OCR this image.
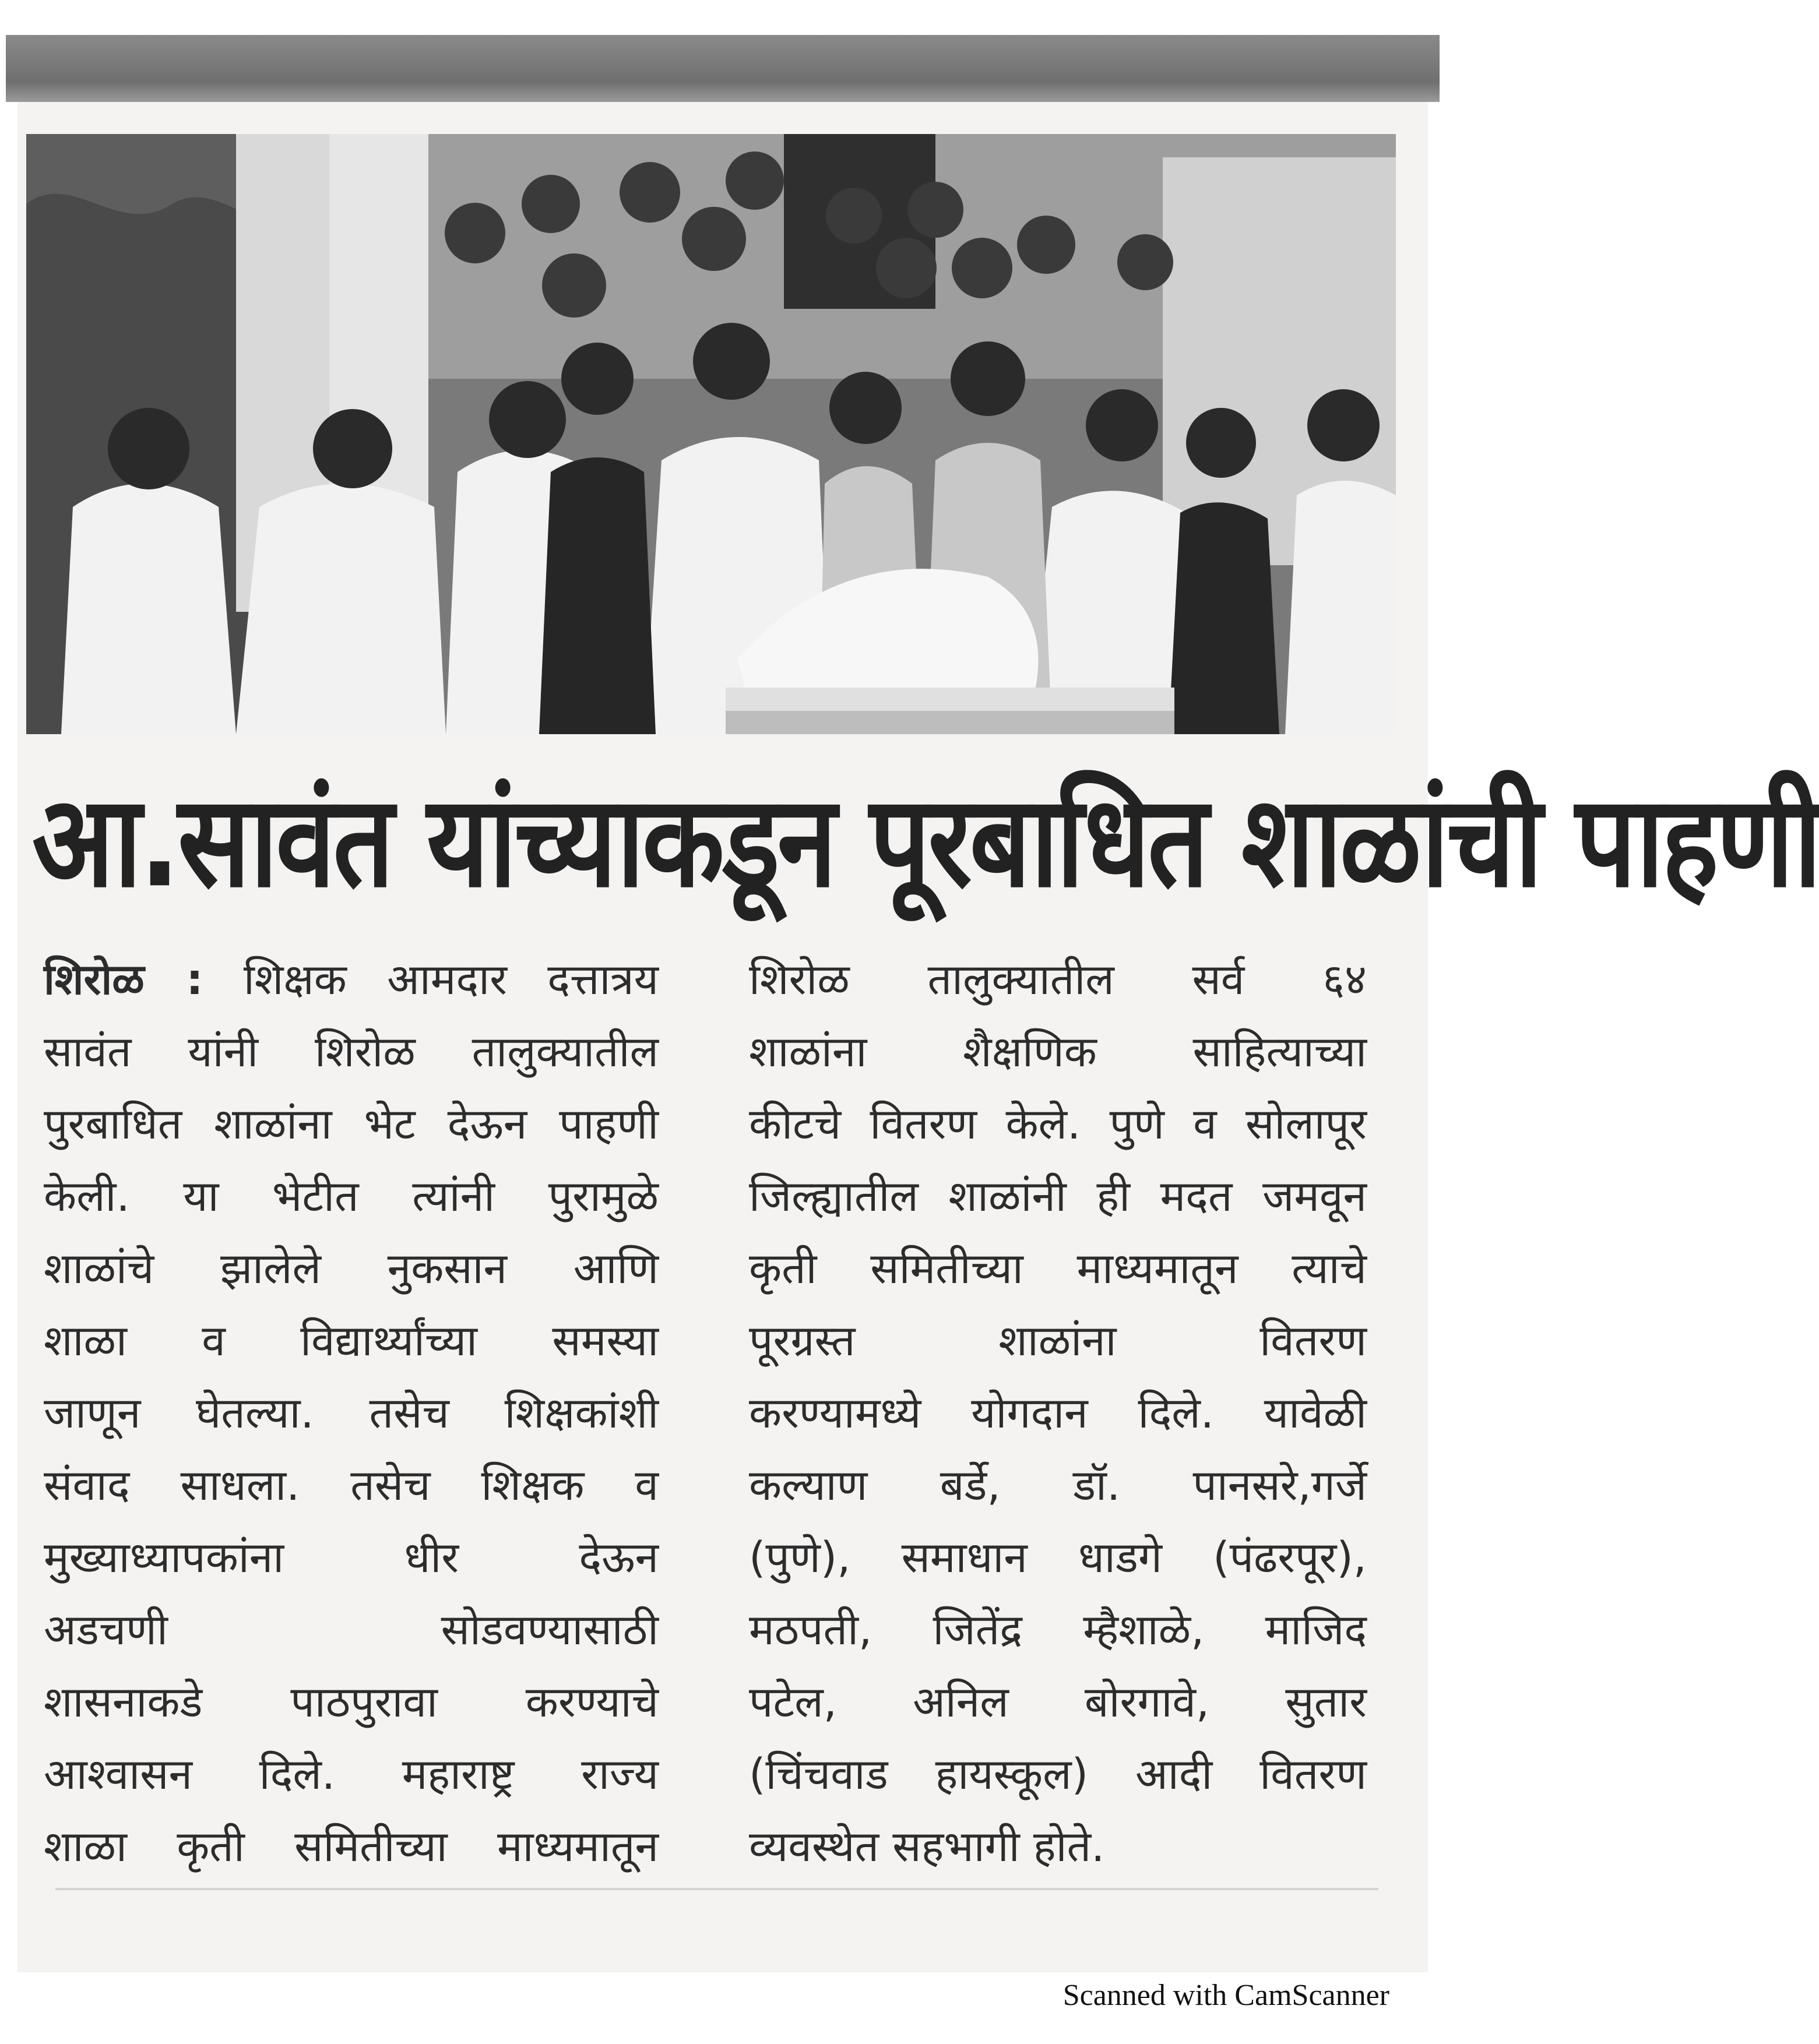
आ.सावंत यांच्याकडून पूरबाधित शाळांची पाहणी
शिरोळ : शिक्षक आमदार दत्तात्रय
सावंत यांनी शिरोळ तालुक्यातील
पुरबाधित शाळांना भेट देऊन पाहणी
केली. या भेटीत त्यांनी पुरामुळे
शाळांचे झालेले नुकसान आणि
शाळा व विद्यार्थ्यांच्या समस्या
जाणून घेतल्या. तसेच शिक्षकांशी
संवाद साधला. तसेच शिक्षक व
मुख्याध्यापकांना धीर देऊन
अडचणी सोडवण्यासाठी
शासनाकडे पाठपुरावा करण्याचे
आश्वासन दिले. महाराष्ट्र राज्य
शाळा कृती समितीच्या माध्यमातून
शिरोळ तालुक्यातील सर्व ६४
शाळांना शैक्षणिक साहित्याच्या
कीटचे वितरण केले. पुणे व सोलापूर
जिल्ह्यातील शाळांनी ही मदत जमवून
कृती समितीच्या माध्यमातून त्याचे
पूरग्रस्त शाळांना वितरण
करण्यामध्ये योगदान दिले. यावेळी
कल्याण बर्डे, डॉ. पानसरे,गर्जे
(पुणे), समाधान धाडगे (पंढरपूर),
मठपती, जितेंद्र म्हैशाळे, माजिद
पटेल, अनिल बोरगावे, सुतार
(चिंचवाड हायस्कूल) आदी वितरण
व्यवस्थेत सहभागी होते.
Scanned with CamScanner
